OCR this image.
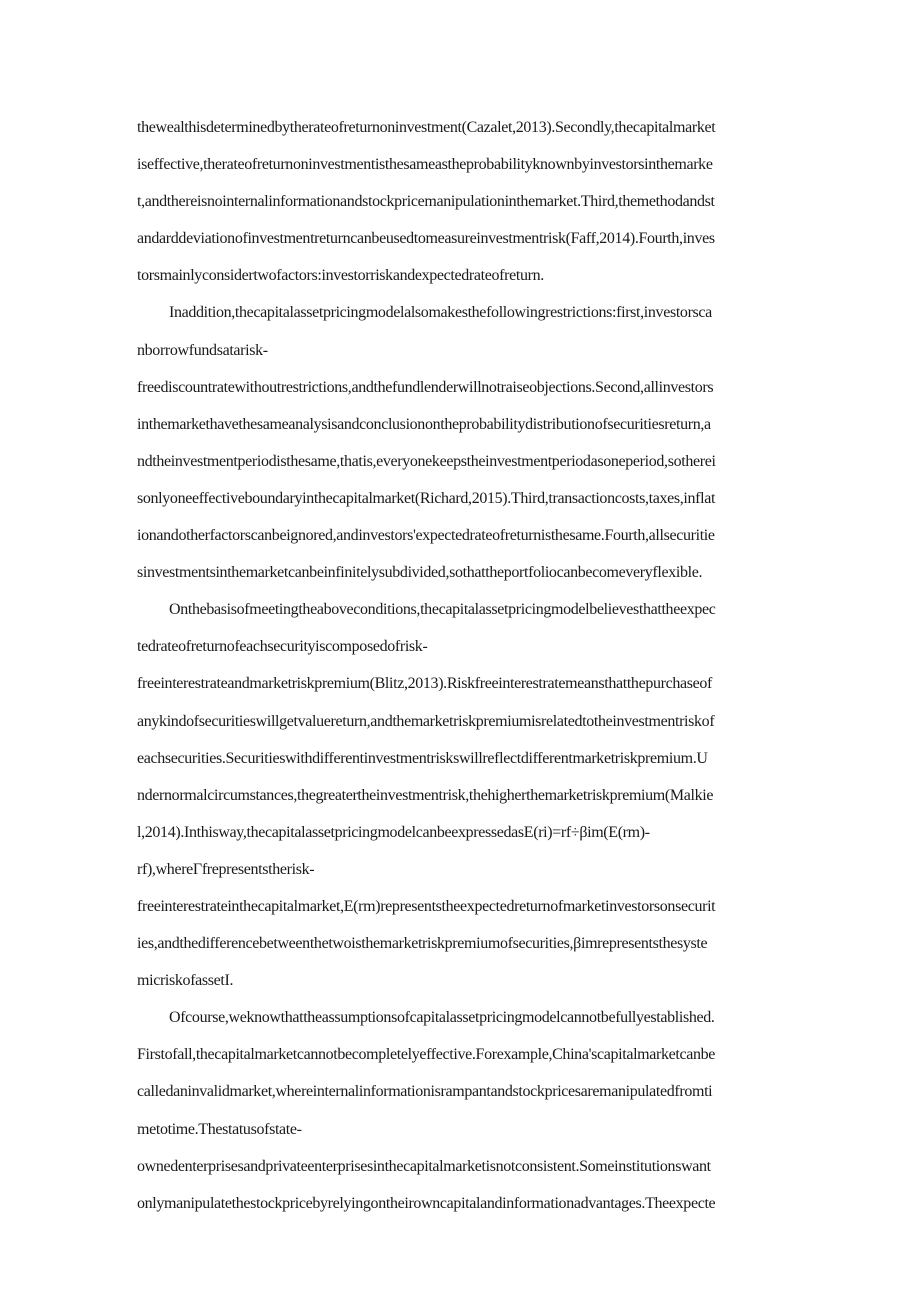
thewealthisdeterminedbytherateofreturnoninvestment(Cazalet,2013).Secondly,thecapitalmarket
iseffective,therateofreturnoninvestmentisthesameastheprobabilityknownbyinvestorsinthemarke
t,andthereisnointernalinformationandstockpricemanipulationinthemarket.Third,themethodandst
andarddeviationofinvestmentreturncanbeusedtomeasureinvestmentrisk(Faff,2014).Fourth,inves
torsmainlyconsidertwofactors:investorriskandexpectedrateofreturn.
Inaddition,thecapitalassetpricingmodelalsomakesthefollowingrestrictions:first,investorsca
nborrowfundsatarisk-
freediscountratewithoutrestrictions,andthefundlenderwillnotraiseobjections.Second,allinvestors
inthemarkethavethesameanalysisandconclusionontheprobabilitydistributionofsecuritiesreturn,a
ndtheinvestmentperiodisthesame,thatis,everyonekeepstheinvestmentperiodasoneperiod,sotherei
sonlyoneeffectiveboundaryinthecapitalmarket(Richard,2015).Third,transactioncosts,taxes,inflat
ionandotherfactorscanbeignored,andinvestors'expectedrateofreturnisthesame.Fourth,allsecuritie
sinvestmentsinthemarketcanbeinfinitelysubdivided,sothattheportfoliocanbecomeveryflexible.
Onthebasisofmeetingtheaboveconditions,thecapitalassetpricingmodelbelievesthattheexpec
tedrateofreturnofeachsecurityiscomposedofrisk-
freeinterestrateandmarketriskpremium(Blitz,2013).Riskfreeinterestratemeansthatthepurchaseof
anykindofsecuritieswillgetvaluereturn,andthemarketriskpremiumisrelatedtotheinvestmentriskof
eachsecurities.Securitieswithdifferentinvestmentriskswillreflectdifferentmarketriskpremium.U
ndernormalcircumstances,thegreatertheinvestmentrisk,thehigherthemarketriskpremium(Malkie
l,2014).Inthisway,thecapitalassetpricingmodelcanbeexpressedasE(ri)=rf÷βim(E(rm)-
rf),whereΓfrepresentstherisk-
freeinterestrateinthecapitalmarket,E(rm)representstheexpectedreturnofmarketinvestorsonsecurit
ies,andthedifferencebetweenthetwoisthemarketriskpremiumofsecurities,βimrepresentsthesyste
micriskofassetI.
Ofcourse,weknowthattheassumptionsofcapitalassetpricingmodelcannotbefullyestablished.
Firstofall,thecapitalmarketcannotbecompletelyeffective.Forexample,China'scapitalmarketcanbe
calledaninvalidmarket,whereinternalinformationisrampantandstockpricesaremanipulatedfromti
metotime.Thestatusofstate-
ownedenterprisesandprivateenterprisesinthecapitalmarketisnotconsistent.Someinstitutionswant
onlymanipulatethestockpricebyrelyingontheirowncapitalandinformationadvantages.Theexpecte
